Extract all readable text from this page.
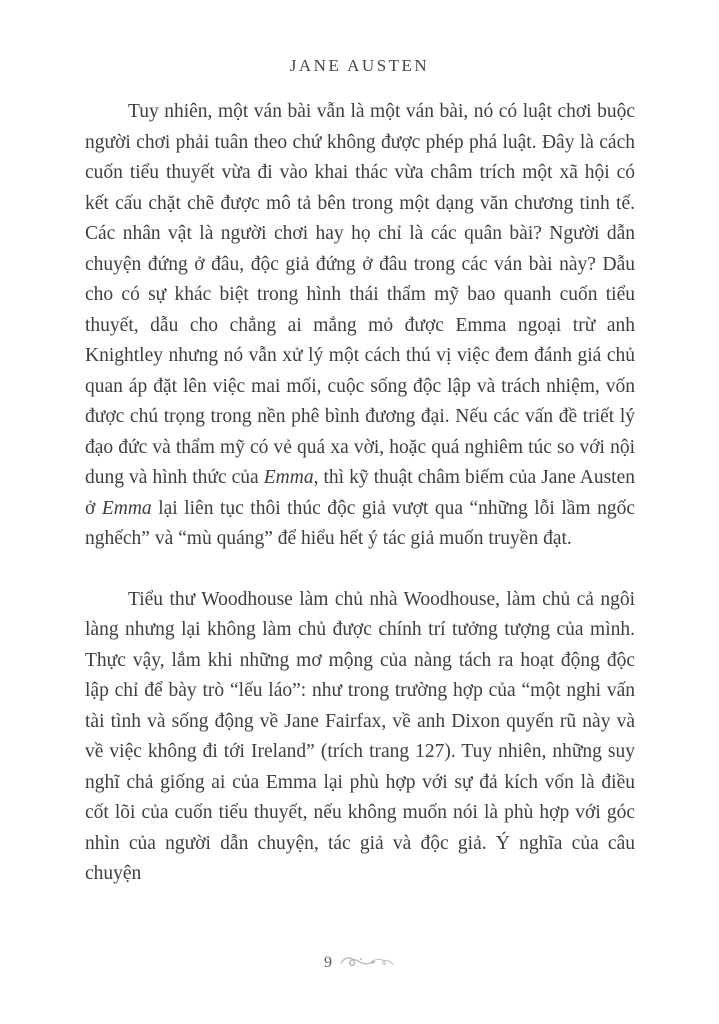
JANE AUSTEN

Tuy nhiên, một ván bài vẫn là một ván bài, nó có luật chơi buộc người chơi phải tuân theo chứ không được phép phá luật. Đây là cách cuốn tiểu thuyết vừa đi vào khai thác vừa châm trích một xã hội có kết cấu chặt chẽ được mô tả bên trong một dạng văn chương tinh tế. Các nhân vật là người chơi hay họ chỉ là các quân bài? Người dẫn chuyện đứng ở đâu, độc giả đứng ở đâu trong các ván bài này? Dẫu cho có sự khác biệt trong hình thái thẩm mỹ bao quanh cuốn tiểu thuyết, dẫu cho chẳng ai mắng mỏ được Emma ngoại trừ anh Knightley nhưng nó vẫn xử lý một cách thú vị việc đem đánh giá chủ quan áp đặt lên việc mai mối, cuộc sống độc lập và trách nhiệm, vốn được chú trọng trong nền phê bình đương đại. Nếu các vấn đề triết lý đạo đức và thẩm mỹ có vẻ quá xa vời, hoặc quá nghiêm túc so với nội dung và hình thức của Emma, thì kỹ thuật châm biếm của Jane Austen ở Emma lại liên tục thôi thúc độc giả vượt qua “những lỗi lầm ngốc nghếch” và “mù quáng” để hiểu hết ý tác giả muốn truyền đạt.

Tiểu thư Woodhouse làm chủ nhà Woodhouse, làm chủ cả ngôi làng nhưng lại không làm chủ được chính trí tưởng tượng của mình. Thực vậy, lắm khi những mơ mộng của nàng tách ra hoạt động độc lập chỉ để bày trò “lếu láo”: như trong trường hợp của “một nghi vấn tài tình và sống động về Jane Fairfax, về anh Dixon quyến rũ này và về việc không đi tới Ireland” (trích trang 127). Tuy nhiên, những suy nghĩ chả giống ai của Emma lại phù hợp với sự đả kích vốn là điều cốt lõi của cuốn tiểu thuyết, nếu không muốn nói là phù hợp với góc nhìn của người dẫn chuyện, tác giả và độc giả. Ý nghĩa của câu chuyện

9
